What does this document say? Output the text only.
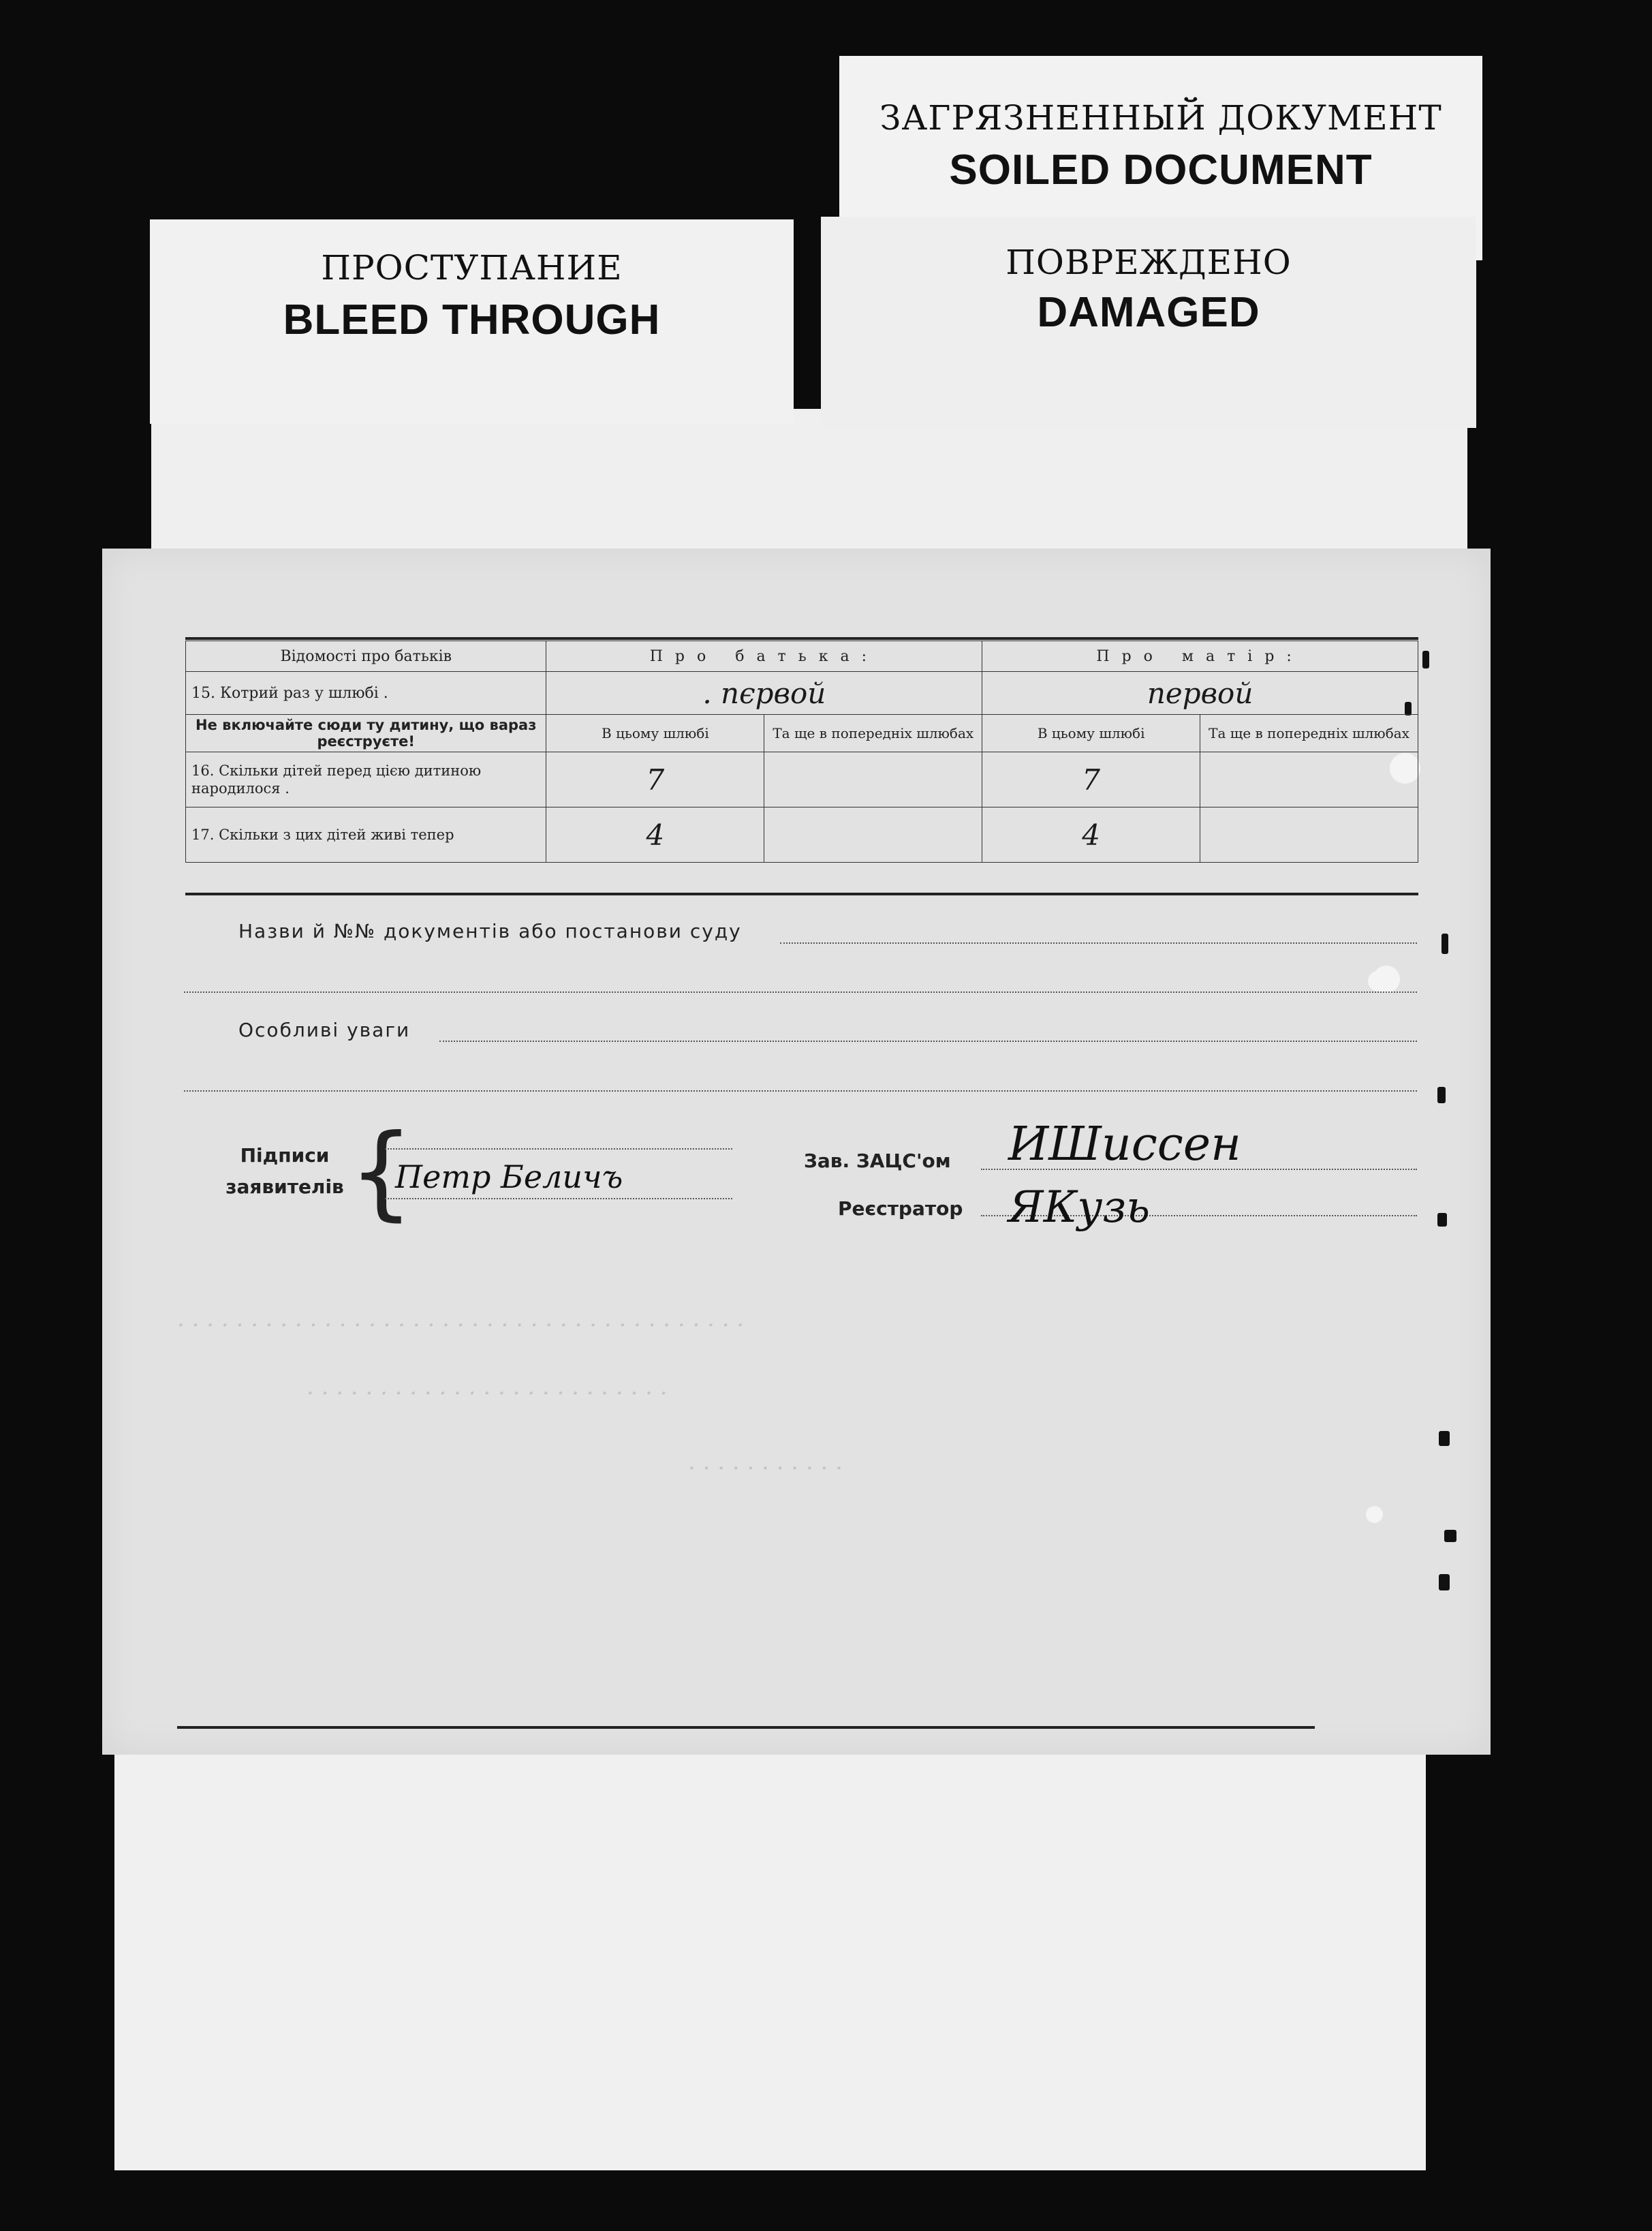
ЗАГРЯЗНЕННЫЙ ДОКУМЕНТ
SOILED DOCUMENT
ПРОСТУПАНИЕ
BLEED THROUGH
ПОВРЕЖДЕНО
DAMAGED
· · · · · · · · · · · · · · · · · · · · · · · · · · · · · · · · · · · · · · ·
· · · · · · · · · · · · · · · · · · · · · · · · ·
· · · · · · · · · · ·
Відомості про батьків	Про батька:		Про матір:	
15. Котрий раз у шлюбі .	. пєрвой		первой	
Не включайте сюди ту дитину, що вараз реєструєте!	В цьому шлюбі	Та ще в попередніх шлюбах	В цьому шлюбі	Та ще в попередніх шлюбах
16. Скільки дітей перед цією дитиною народилося .	7		7	
17. Скільки з цих дітей живі тепер	4		4	
Назви й №№ документів або постанови суду
Особливі уваги
Підписи
заявителів {
Петр Беличъ	Зав. ЗАЦС'ом ИШиссен
Реєстратор ЯКузь
